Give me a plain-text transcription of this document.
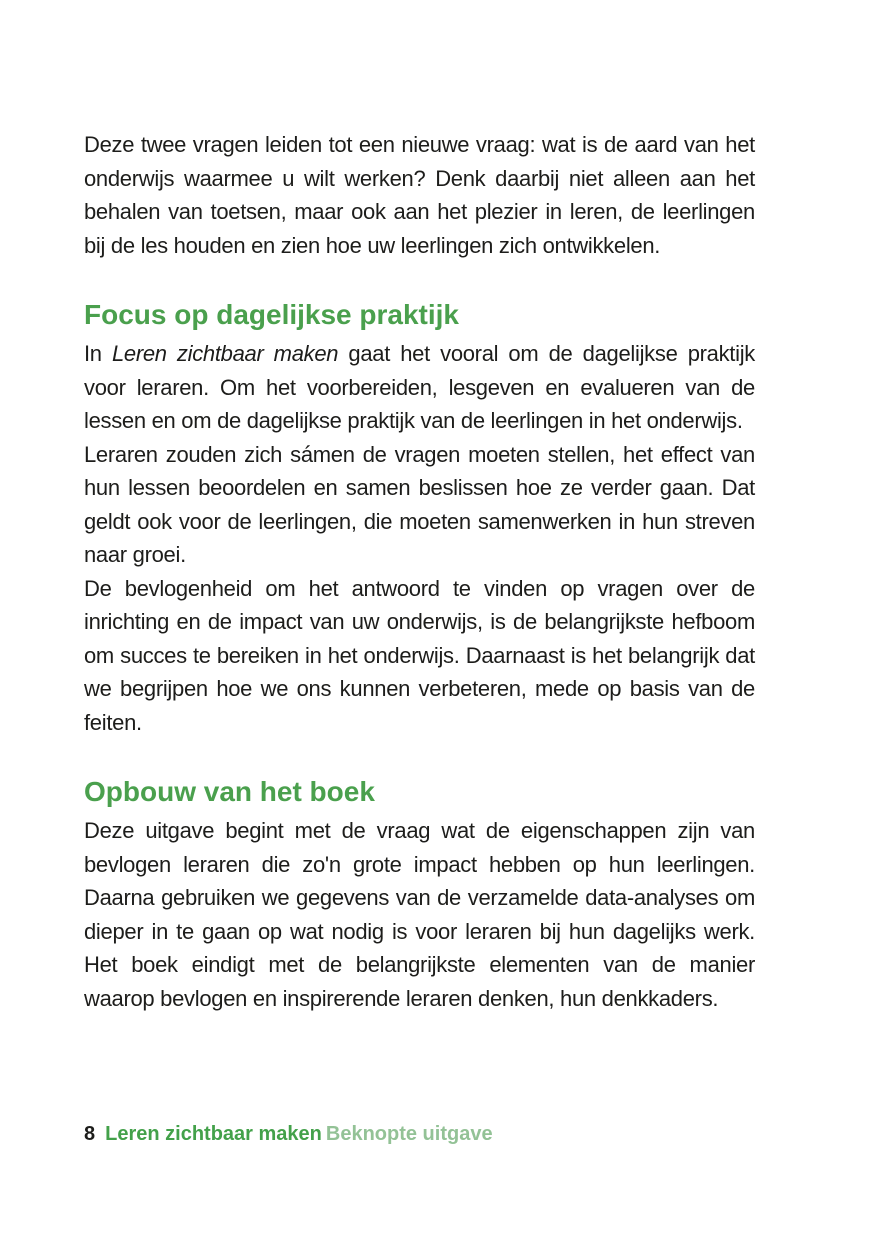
Deze twee vragen leiden tot een nieuwe vraag: wat is de aard van het onderwijs waarmee u wilt werken? Denk daarbij niet alleen aan het behalen van toetsen, maar ook aan het plezier in leren, de leerlingen bij de les houden en zien hoe uw leerlingen zich ontwikkelen.

Focus op dagelijkse praktijk

In Leren zichtbaar maken gaat het vooral om de dagelijkse praktijk voor leraren. Om het voorbereiden, lesgeven en evalueren van de lessen en om de dagelijkse praktijk van de leerlingen in het onderwijs.

Leraren zouden zich sámen de vragen moeten stellen, het effect van hun lessen beoordelen en samen beslissen hoe ze verder gaan. Dat geldt ook voor de leerlingen, die moeten samenwerken in hun streven naar groei.

De bevlogenheid om het antwoord te vinden op vragen over de inrichting en de impact van uw onderwijs, is de belangrijkste hefboom om succes te bereiken in het onderwijs. Daarnaast is het belangrijk dat we begrijpen hoe we ons kunnen verbeteren, mede op basis van de feiten.

Opbouw van het boek

Deze uitgave begint met de vraag wat de eigenschappen zijn van bevlogen leraren die zo'n grote impact hebben op hun leerlingen. Daarna gebruiken we gegevens van de verzamelde data-analyses om dieper in te gaan op wat nodig is voor leraren bij hun dagelijks werk. Het boek eindigt met de belangrijkste elementen van de manier waarop bevlogen en inspirerende leraren denken, hun denkkaders.

8 Leren zichtbaar maken Beknopte uitgave
